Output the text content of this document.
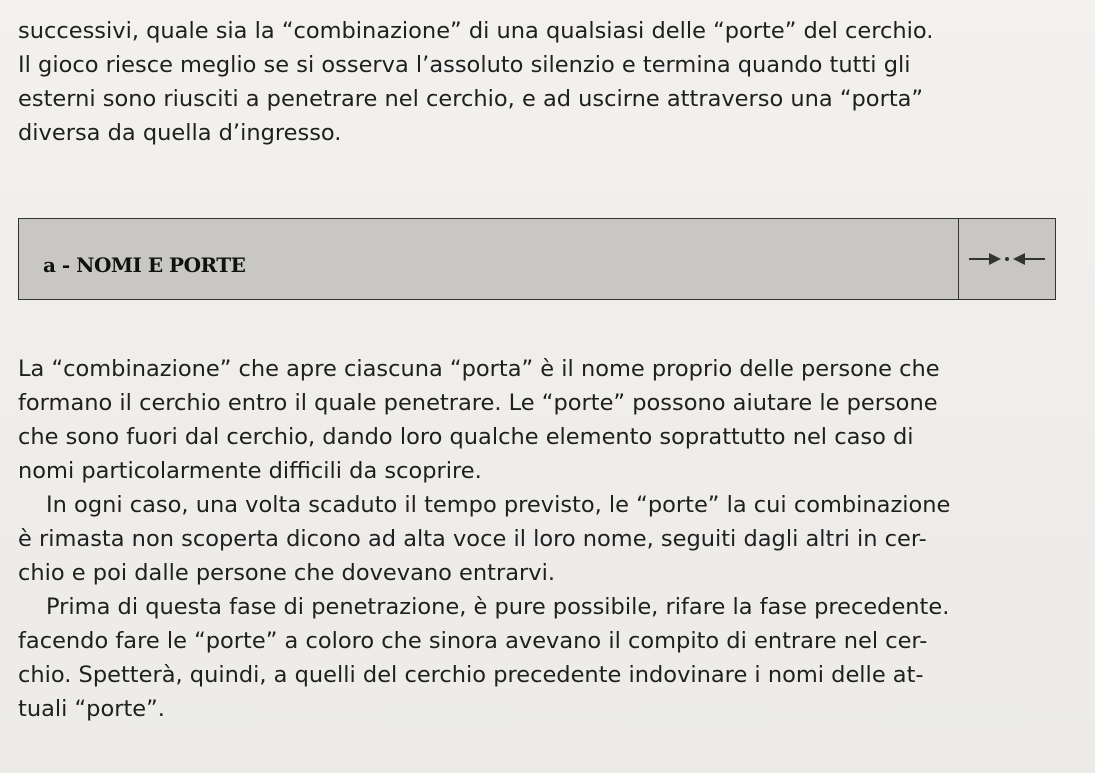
successivi, quale sia la “combinazione” di una qualsiasi delle “porte” del cerchio.
Il gioco riesce meglio se si osserva l’assoluto silenzio e termina quando tutti gli
esterni sono riusciti a penetrare nel cerchio, e ad uscirne attraverso una “porta”
diversa da quella d’ingresso.
a - NOMI E PORTE
La “combinazione” che apre ciascuna “porta” è il nome proprio delle persone che
formano il cerchio entro il quale penetrare. Le “porte” possono aiutare le persone
che sono fuori dal cerchio, dando loro qualche elemento soprattutto nel caso di
nomi particolarmente difficili da scoprire.
In ogni caso, una volta scaduto il tempo previsto, le “porte” la cui combinazione
è rimasta non scoperta dicono ad alta voce il loro nome, seguiti dagli altri in cer-
chio e poi dalle persone che dovevano entrarvi.
Prima di questa fase di penetrazione, è pure possibile, rifare la fase precedente.
facendo fare le “porte” a coloro che sinora avevano il compito di entrare nel cer-
chio. Spetterà, quindi, a quelli del cerchio precedente indovinare i nomi delle at-
tuali “porte”.
